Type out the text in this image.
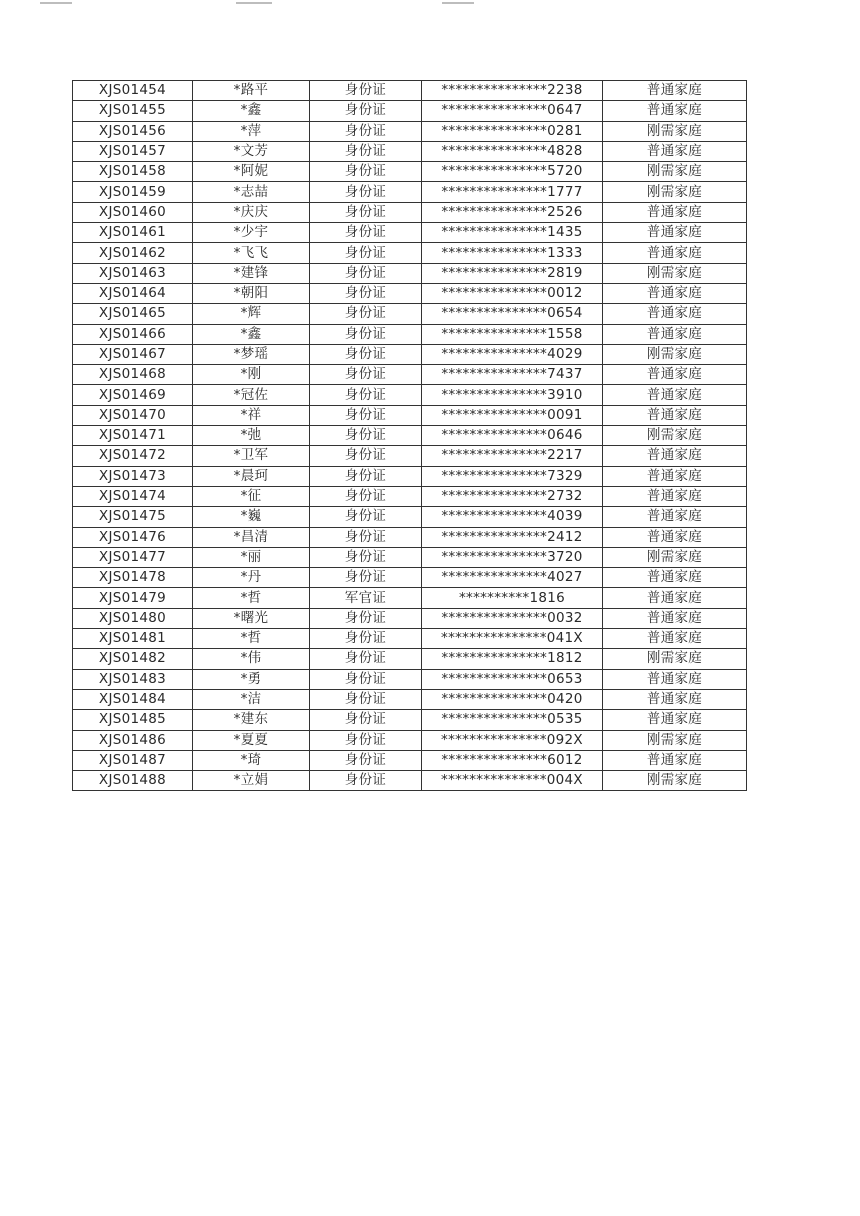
XJS01454	*路平	身份证	***************2238	普通家庭
XJS01455	*鑫	身份证	***************0647	普通家庭
XJS01456	*萍	身份证	***************0281	刚需家庭
XJS01457	*文芳	身份证	***************4828	普通家庭
XJS01458	*阿妮	身份证	***************5720	刚需家庭
XJS01459	*志喆	身份证	***************1777	刚需家庭
XJS01460	*庆庆	身份证	***************2526	普通家庭
XJS01461	*少宇	身份证	***************1435	普通家庭
XJS01462	*飞飞	身份证	***************1333	普通家庭
XJS01463	*建锋	身份证	***************2819	刚需家庭
XJS01464	*朝阳	身份证	***************0012	普通家庭
XJS01465	*辉	身份证	***************0654	普通家庭
XJS01466	*鑫	身份证	***************1558	普通家庭
XJS01467	*梦瑶	身份证	***************4029	刚需家庭
XJS01468	*刚	身份证	***************7437	普通家庭
XJS01469	*冠佐	身份证	***************3910	普通家庭
XJS01470	*祥	身份证	***************0091	普通家庭
XJS01471	*弛	身份证	***************0646	刚需家庭
XJS01472	*卫军	身份证	***************2217	普通家庭
XJS01473	*晨珂	身份证	***************7329	普通家庭
XJS01474	*征	身份证	***************2732	普通家庭
XJS01475	*巍	身份证	***************4039	普通家庭
XJS01476	*昌清	身份证	***************2412	普通家庭
XJS01477	*丽	身份证	***************3720	刚需家庭
XJS01478	*丹	身份证	***************4027	普通家庭
XJS01479	*哲	军官证	**********1816	普通家庭
XJS01480	*曙光	身份证	***************0032	普通家庭
XJS01481	*哲	身份证	***************041X	普通家庭
XJS01482	*伟	身份证	***************1812	刚需家庭
XJS01483	*勇	身份证	***************0653	普通家庭
XJS01484	*洁	身份证	***************0420	普通家庭
XJS01485	*建东	身份证	***************0535	普通家庭
XJS01486	*夏夏	身份证	***************092X	刚需家庭
XJS01487	*琦	身份证	***************6012	普通家庭
XJS01488	*立娟	身份证	***************004X	刚需家庭
